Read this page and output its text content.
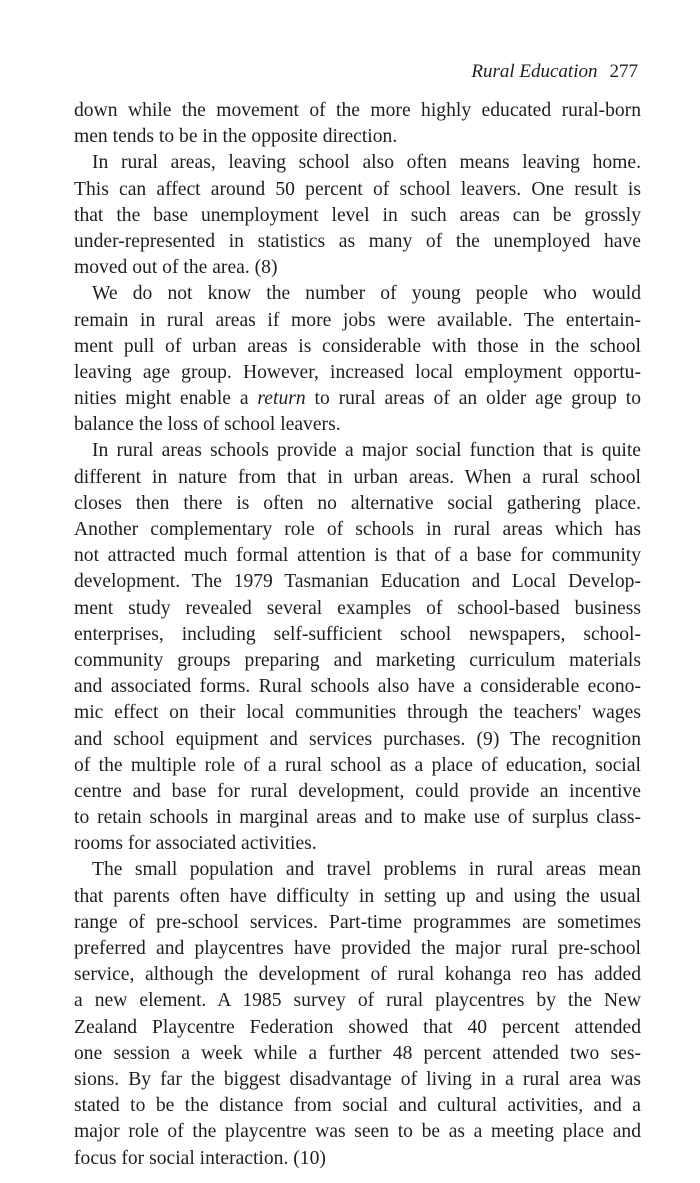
Rural Education 277
down while the movement of the more highly educated rural-born
men tends to be in the opposite direction.
In rural areas, leaving school also often means leaving home.
This can affect around 50 percent of school leavers. One result is
that the base unemployment level in such areas can be grossly
under-represented in statistics as many of the unemployed have
moved out of the area. (8)
We do not know the number of young people who would
remain in rural areas if more jobs were available. The entertain-
ment pull of urban areas is considerable with those in the school
leaving age group. However, increased local employment opportu-
nities might enable a return to rural areas of an older age group to
balance the loss of school leavers.
In rural areas schools provide a major social function that is quite
different in nature from that in urban areas. When a rural school
closes then there is often no alternative social gathering place.
Another complementary role of schools in rural areas which has
not attracted much formal attention is that of a base for community
development. The 1979 Tasmanian Education and Local Develop-
ment study revealed several examples of school-based business
enterprises, including self-sufficient school newspapers, school-
community groups preparing and marketing curriculum materials
and associated forms. Rural schools also have a considerable econo-
mic effect on their local communities through the teachers' wages
and school equipment and services purchases. (9) The recognition
of the multiple role of a rural school as a place of education, social
centre and base for rural development, could provide an incentive
to retain schools in marginal areas and to make use of surplus class-
rooms for associated activities.
The small population and travel problems in rural areas mean
that parents often have difficulty in setting up and using the usual
range of pre-school services. Part-time programmes are sometimes
preferred and playcentres have provided the major rural pre-school
service, although the development of rural kohanga reo has added
a new element. A 1985 survey of rural playcentres by the New
Zealand Playcentre Federation showed that 40 percent attended
one session a week while a further 48 percent attended two ses-
sions. By far the biggest disadvantage of living in a rural area was
stated to be the distance from social and cultural activities, and a
major role of the playcentre was seen to be as a meeting place and
focus for social interaction. (10)
